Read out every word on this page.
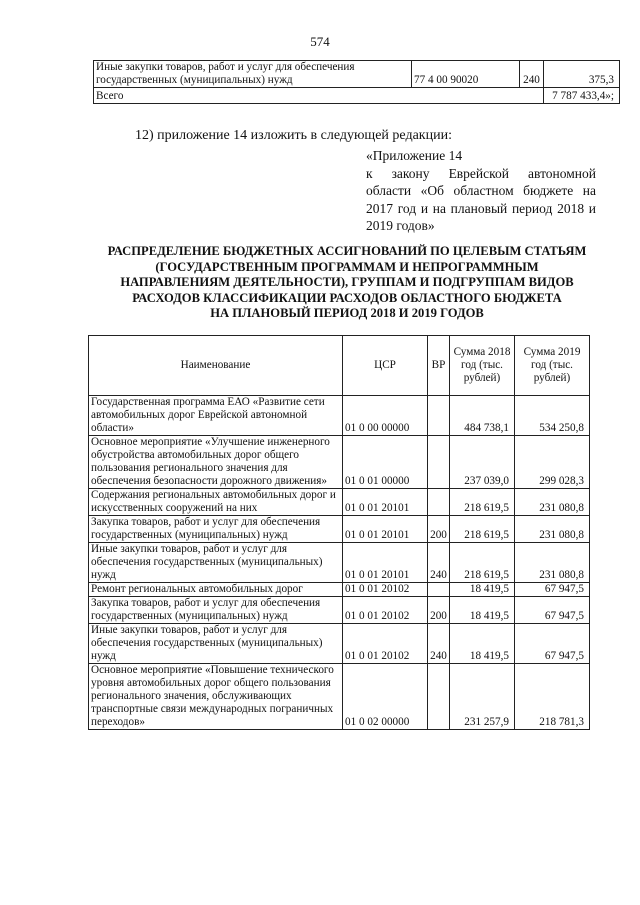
574
Иные закупки товаров, работ и услуг для обеспечения государственных (муниципальных) нужд	77 4 00 90020	240	375,3
Всего			7 787 433,4»;
12) приложение 14 изложить в следующей редакции:
«Приложение 14
к закону Еврейской автономной области «Об областном бюджете на 2017 год и на плановый период 2018 и 2019 годов»
РАСПРЕДЕЛЕНИЕ БЮДЖЕТНЫХ АССИГНОВАНИЙ ПО ЦЕЛЕВЫМ СТАТЬЯМ
(ГОСУДАРСТВЕННЫМ ПРОГРАММАМ И НЕПРОГРАММНЫМ
НАПРАВЛЕНИЯМ ДЕЯТЕЛЬНОСТИ), ГРУППАМ И ПОДГРУППАМ ВИДОВ
РАСХОДОВ КЛАССИФИКАЦИИ РАСХОДОВ ОБЛАСТНОГО БЮДЖЕТА
НА ПЛАНОВЫЙ ПЕРИОД 2018 И 2019 ГОДОВ
Наименование	ЦСР	ВР	Сумма 2018 год (тыс. рублей)	Сумма 2019 год (тыс. рублей)
Государственная программа ЕАО «Развитие сети автомобильных дорог Еврейской автономной области»	01 0 00 00000		484 738,1	534 250,8
Основное мероприятие «Улучшение инженерного обустройства автомобильных дорог общего пользования регионального значения для обеспечения безопасности дорожного движения»	01 0 01 00000		237 039,0	299 028,3
Содержания региональных автомобильных дорог и искусственных сооружений на них	01 0 01 20101		218 619,5	231 080,8
Закупка товаров, работ и услуг для обеспечения государственных (муниципальных) нужд	01 0 01 20101	200	218 619,5	231 080,8
Иные закупки товаров, работ и услуг для обеспечения государственных (муниципальных) нужд	01 0 01 20101	240	218 619,5	231 080,8
Ремонт региональных автомобильных дорог	01 0 01 20102		18 419,5	67 947,5
Закупка товаров, работ и услуг для обеспечения государственных (муниципальных) нужд	01 0 01 20102	200	18 419,5	67 947,5
Иные закупки товаров, работ и услуг для обеспечения государственных (муниципальных) нужд	01 0 01 20102	240	18 419,5	67 947,5
Основное мероприятие «Повышение технического уровня автомобильных дорог общего пользования регионального значения, обслуживающих транспортные связи международных пограничных переходов»	01 0 02 00000		231 257,9	218 781,3
